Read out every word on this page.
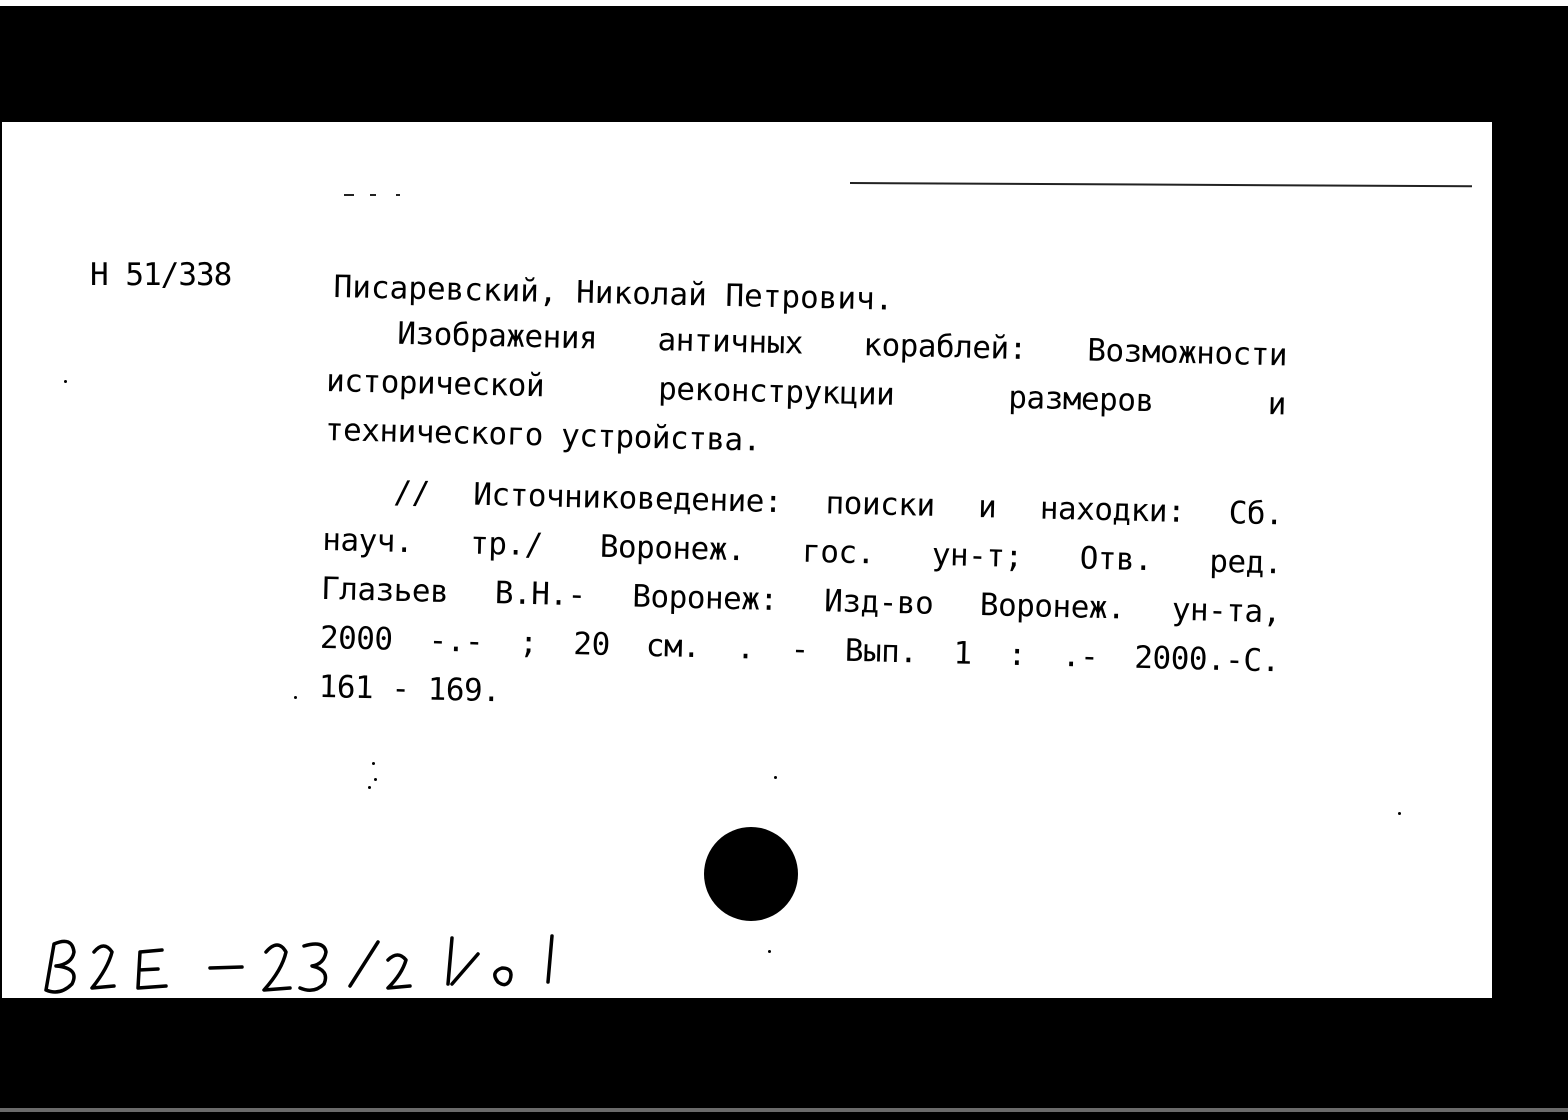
Н 51/338	Писаревский, Николай Петрович.
Изображения античных кораблей: Возможности
исторической	реконструкции	размеров	и
технического устройства.
// Источниковедение: поиски и находки: Сб.
науч. тр./ Воронеж. гос. ун-т; Отв. ред.
Глазьев В.Н.- Воронеж: Изд-во Воронеж. ун-та,
2000 -.- ; 20 см. . - Вып. 1 : .- 2000.-С.
161 - 169.
